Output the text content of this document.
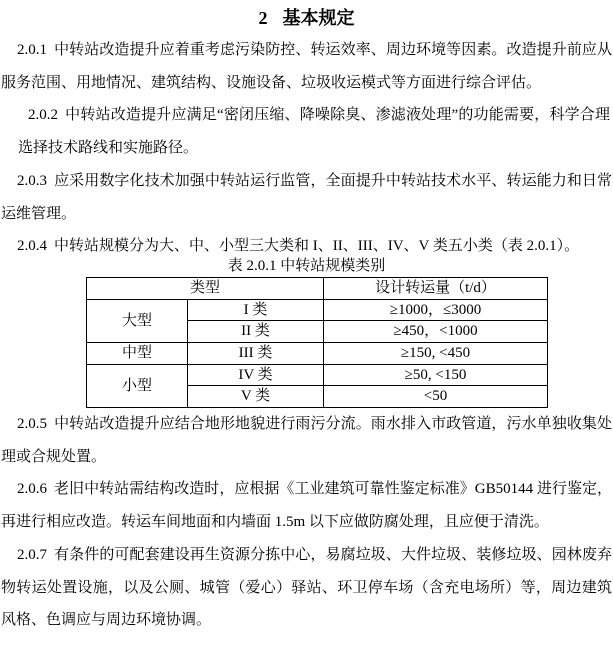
2 基本规定

2.0.1 中转站改造提升应着重考虑污染防控、转运效率、周边环境等因素。改造提升前应从服务范围、用地情况、建筑结构、设施设备、垃圾收运模式等方面进行综合评估。

2.0.2 中转站改造提升应满足“密闭压缩、降噪除臭、渗滤液处理”的功能需要，科学合理选择技术路线和实施路径。

2.0.3 应采用数字化技术加强中转站运行监管，全面提升中转站技术水平、转运能力和日常运维管理。

2.0.4 中转站规模分为大、中、小型三大类和 I、II、III、IV、V 类五小类（表 2.0.1）。

表 2.0.1 中转站规模类别
类型		设计转运量（t/d）
大型	I 类	≥1000，≤3000
	II 类	≥450，<1000
中型	III 类	≥150, <450
小型	IV 类	≥50, <150
	V 类	<50

2.0.5 中转站改造提升应结合地形地貌进行雨污分流。雨水排入市政管道，污水单独收集处理或合规处置。

2.0.6 老旧中转站需结构改造时，应根据《工业建筑可靠性鉴定标准》GB50144 进行鉴定，再进行相应改造。转运车间地面和内墙面 1.5m 以下应做防腐处理，且应便于清洗。

2.0.7 有条件的可配套建设再生资源分拣中心，易腐垃圾、大件垃圾、装修垃圾、园林废弃物转运处置设施，以及公厕、城管（爱心）驿站、环卫停车场（含充电场所）等，周边建筑风格、色调应与周边环境协调。
